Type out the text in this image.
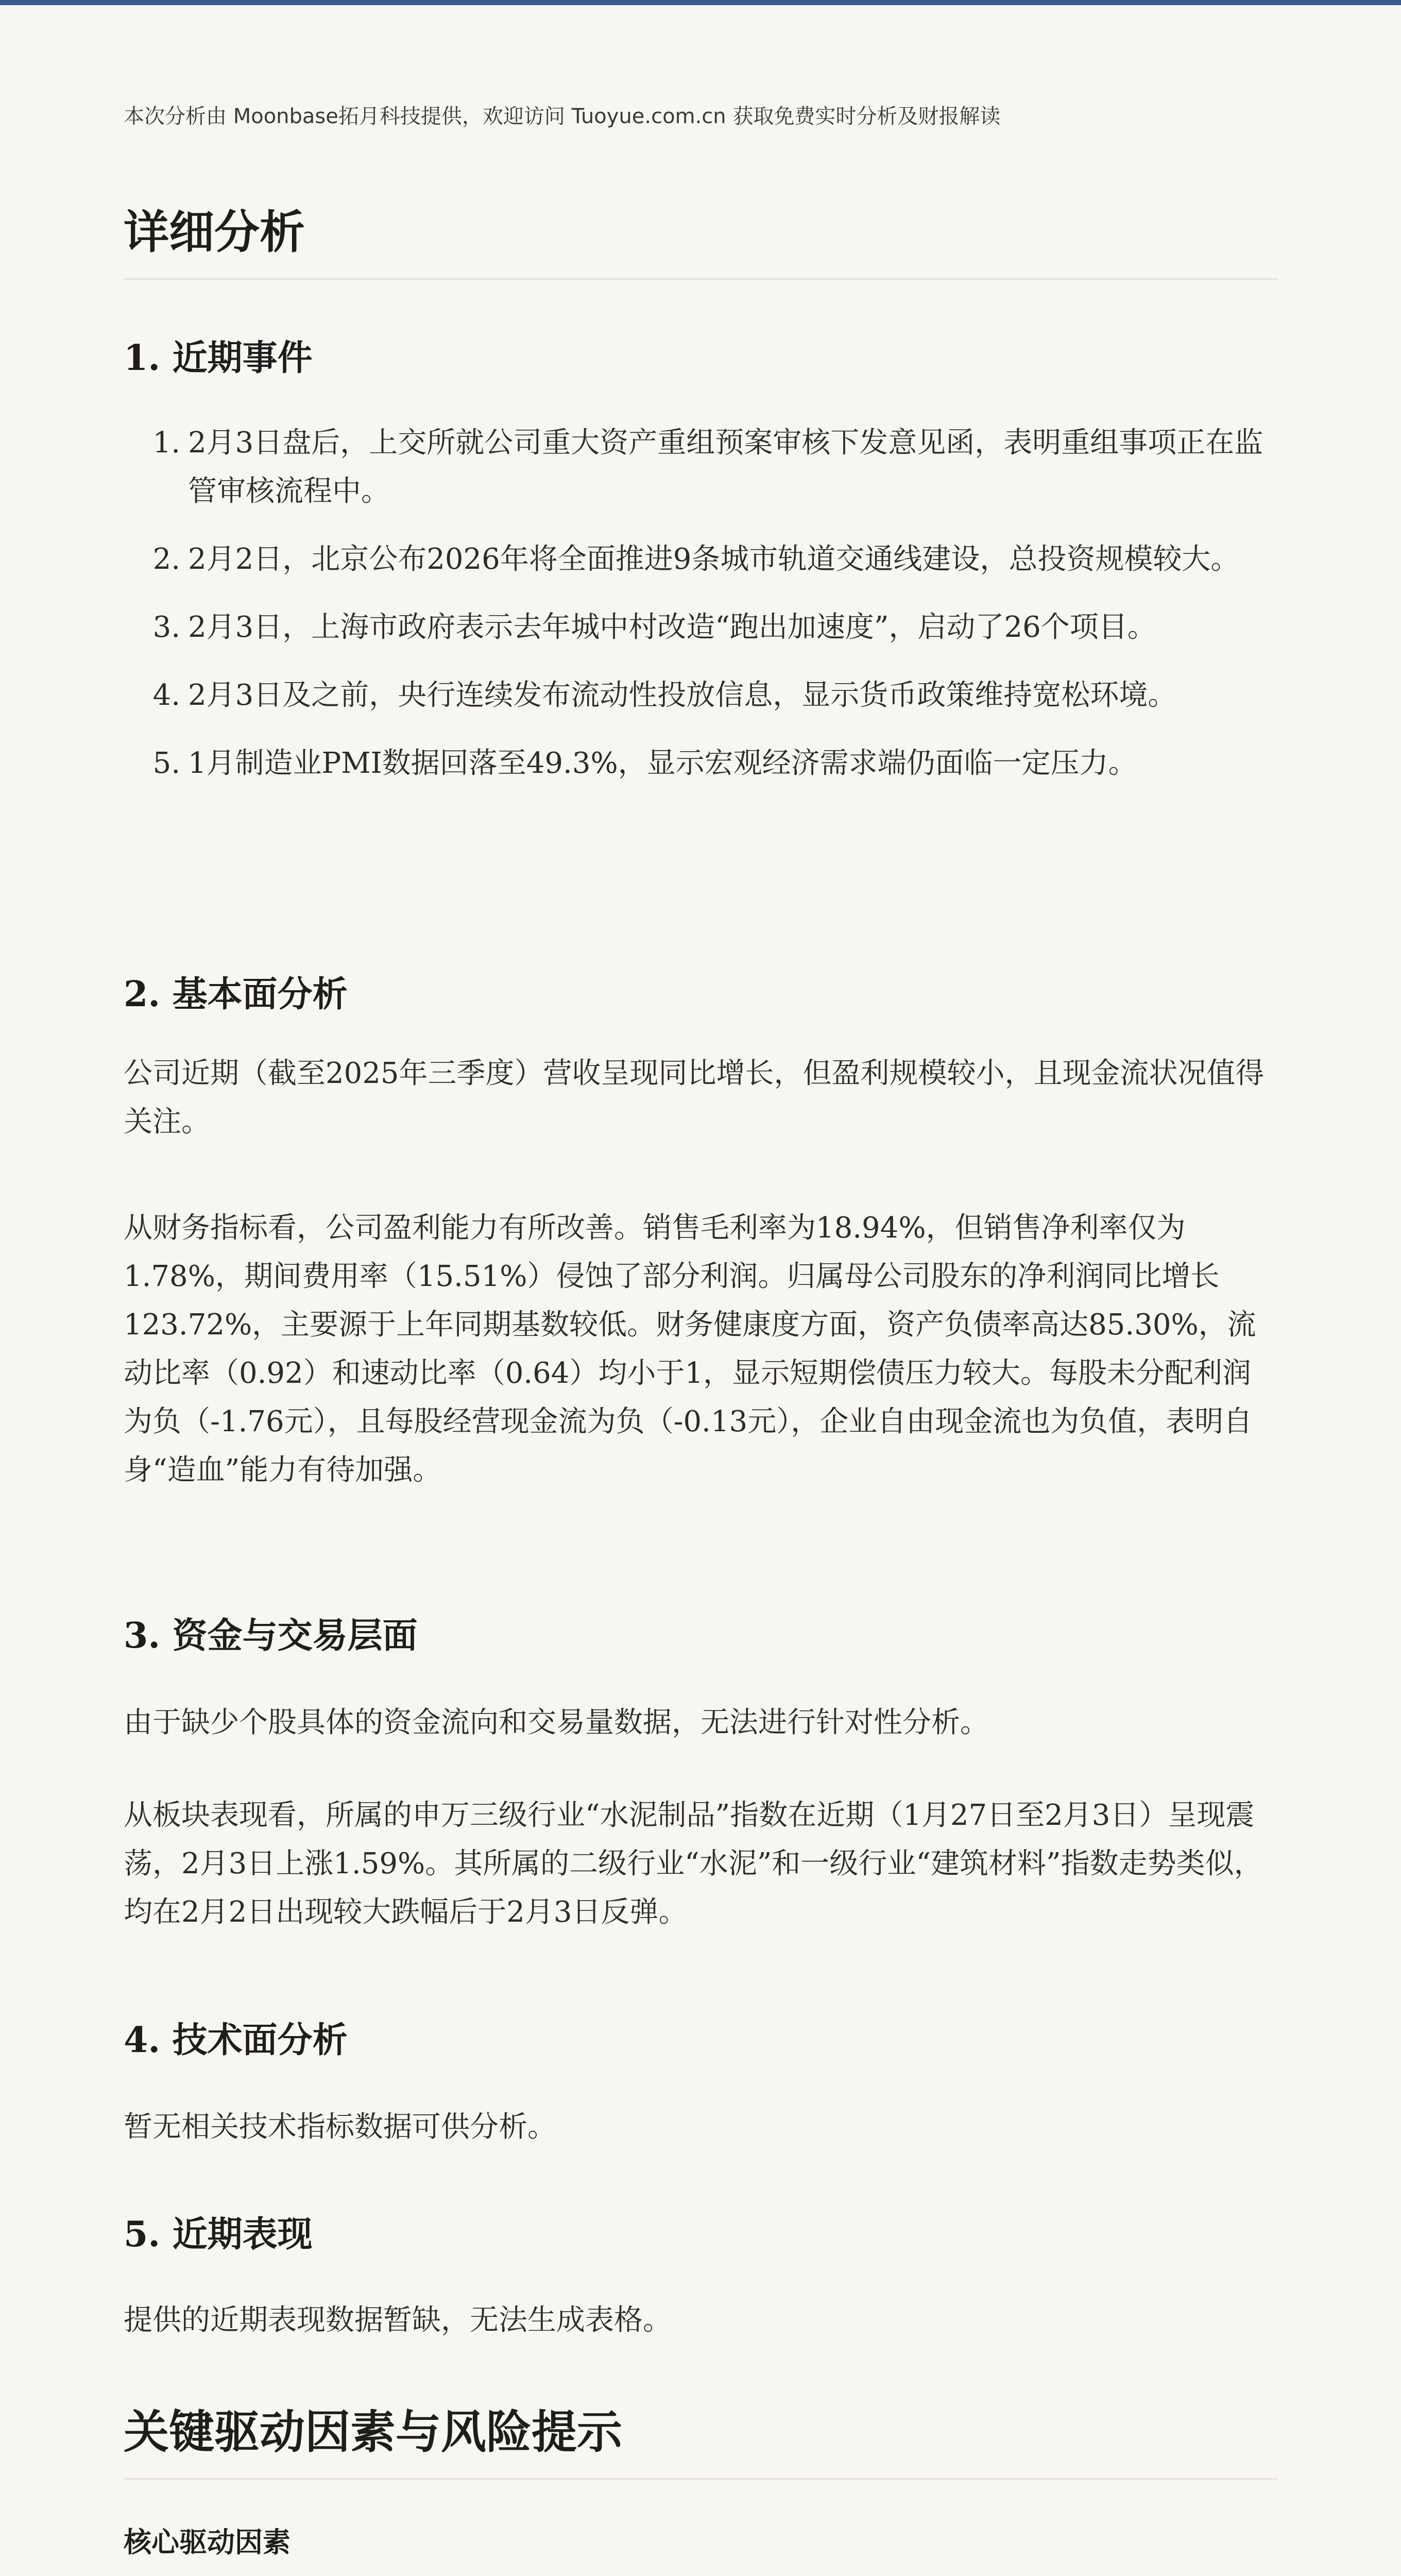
本次分析由 Moonbase拓月科技提供，欢迎访问 Tuoyue.com.cn 获取免费实时分析及财报解读
详细分析
1. 近期事件
1. 2月3日盘后，上交所就公司重大资产重组预案审核下发意见函，表明重组事项正在监管审核流程中。
2. 2月2日，北京公布2026年将全面推进9条城市轨道交通线建设，总投资规模较大。
3. 2月3日，上海市政府表示去年城中村改造“跑出加速度”，启动了26个项目。
4. 2月3日及之前，央行连续发布流动性投放信息，显示货币政策维持宽松环境。
5. 1月制造业PMI数据回落至49.3%，显示宏观经济需求端仍面临一定压力。
2. 基本面分析

公司近期（截至2025年三季度）营收呈现同比增长，但盈利规模较小，且现金流状况值得关注。

从财务指标看，公司盈利能力有所改善。销售毛利率为18.94%，但销售净利率仅为1.78%，期间费用率（15.51%）侵蚀了部分利润。归属母公司股东的净利润同比增长123.72%，主要源于上年同期基数较低。财务健康度方面，资产负债率高达85.30%，流动比率（0.92）和速动比率（0.64）均小于1，显示短期偿债压力较大。每股未分配利润为负（-1.76元），且每股经营现金流为负（-0.13元），企业自由现金流也为负值，表明自身“造血”能力有待加强。

3. 资金与交易层面

由于缺少个股具体的资金流向和交易量数据，无法进行针对性分析。

从板块表现看，所属的申万三级行业“水泥制品”指数在近期（1月27日至2月3日）呈现震荡，2月3日上涨1.59%。其所属的二级行业“水泥”和一级行业“建筑材料”指数走势类似，均在2月2日出现较大跌幅后于2月3日反弹。

4. 技术面分析

暂无相关技术指标数据可供分析。

5. 近期表现

提供的近期表现数据暂缺，无法生成表格。

关键驱动因素与风险提示
核心驱动因素
